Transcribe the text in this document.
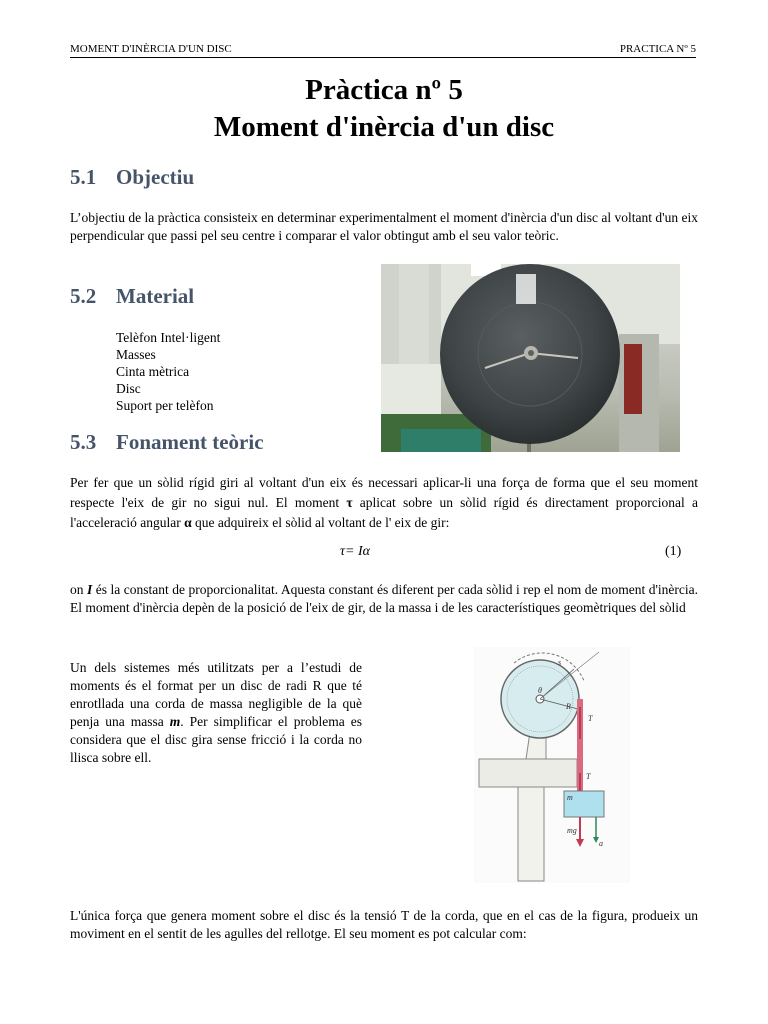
MOMENT D'INÈRCIA D'UN DISC	PRACTICA Nº 5
Pràctica nº 5
Moment d'inèrcia d'un disc
5.1 Objectiu
L’objectiu de la pràctica consisteix en determinar experimentalment el moment d'inèrcia d'un disc al voltant d'un eix perpendicular que passi pel seu centre i comparar el valor obtingut amb el seu valor teòric.
5.2 Material
Telèfon Intel·ligent
Masses
Cinta mètrica
Disc
Suport per telèfon
5.3 Fonament teòric
Per fer que un sòlid rígid giri al voltant d'un eix és necessari aplicar-li una força de forma que el seu moment respecte l'eix de gir no sigui nul. El moment τ aplicat sobre un sòlid rígid és directament proporcional a l'acceleració angular α que adquireix el sòlid al voltant de l' eix de gir:
τ= Iα	(1)
on I és la constant de proporcionalitat. Aquesta constant és diferent per cada sòlid i rep el nom de moment d'inèrcia. El moment d'inèrcia depèn de la posició de l'eix de gir, de la massa i de les característiques geomètriques del sòlid
Un dels sistemes més utilitzats per a l’estudi de moments és el format per un disc de radi R que té enrotllada una corda de massa negligible de la què penja una massa m. Per simplificar el problema es considera que el disc gira sense fricció i la corda no llisca sobre ell.
θ
R
T
T
m
mg
a
s
L'única força que genera moment sobre el disc és la tensió T de la corda, que en el cas de la figura, produeix un moviment en el sentit de les agulles del rellotge. El seu moment es pot calcular com:
